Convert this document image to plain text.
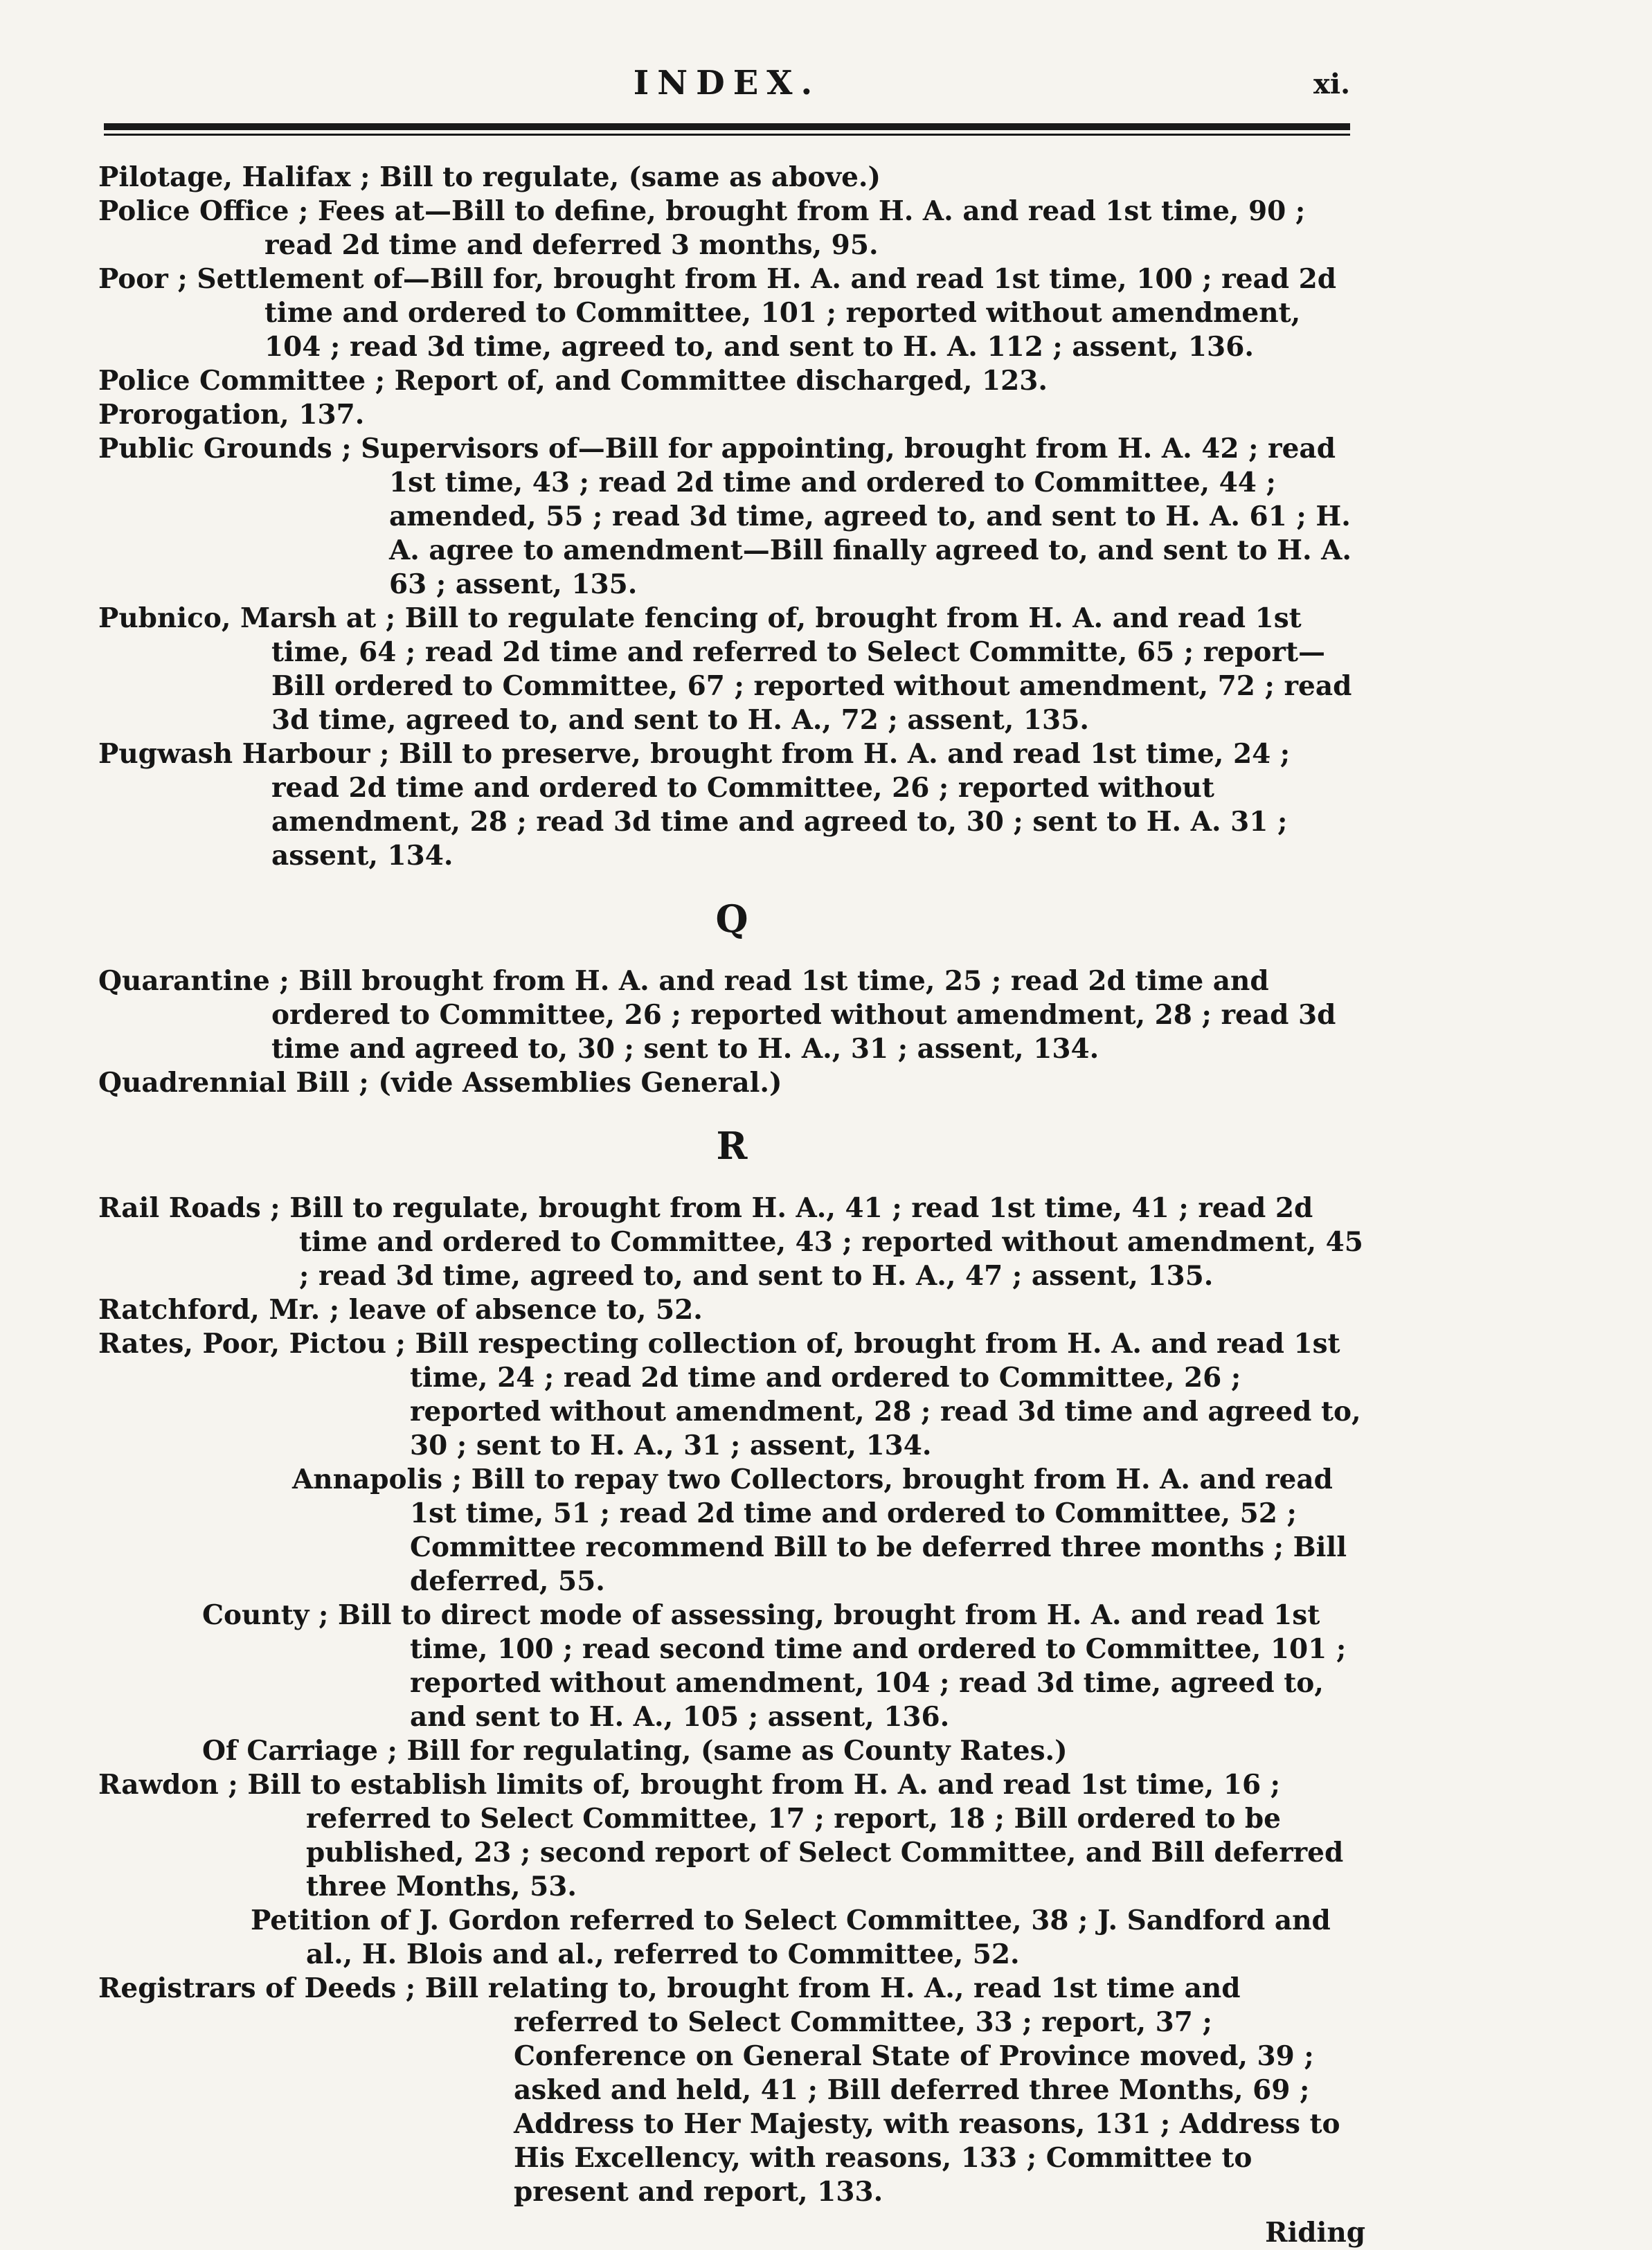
INDEX.	xi.

Pilotage, Halifax ; Bill to regulate, (same as above.)

Police Office ; Fees at—Bill to define, brought from H. A. and read 1st time, 90 ; read 2d time and deferred 3 months, 95.

Poor ; Settlement of—Bill for, brought from H. A. and read 1st time, 100 ; read 2d time and ordered to Committee, 101 ; reported without amendment, 104 ; read 3d time, agreed to, and sent to H. A. 112 ; assent, 136.

Police Committee ; Report of, and Committee discharged, 123.

Prorogation, 137.

Public Grounds ; Supervisors of—Bill for appointing, brought from H. A. 42 ; read 1st time, 43 ; read 2d time and ordered to Committee, 44 ; amended, 55 ; read 3d time, agreed to, and sent to H. A. 61 ; H. A. agree to amendment—Bill finally agreed to, and sent to H. A. 63 ; assent, 135.

Pubnico, Marsh at ; Bill to regulate fencing of, brought from H. A. and read 1st time, 64 ; read 2d time and referred to Select Committe, 65 ; report—Bill ordered to Committee, 67 ; reported without amendment, 72 ; read 3d time, agreed to, and sent to H. A., 72 ; assent, 135.

Pugwash Harbour ; Bill to preserve, brought from H. A. and read 1st time, 24 ; read 2d time and ordered to Committee, 26 ; reported without amendment, 28 ; read 3d time and agreed to, 30 ; sent to H. A. 31 ; assent, 134.

Q

Quarantine ; Bill brought from H. A. and read 1st time, 25 ; read 2d time and ordered to Committee, 26 ; reported without amendment, 28 ; read 3d time and agreed to, 30 ; sent to H. A., 31 ; assent, 134.

Quadrennial Bill ; (vide Assemblies General.)

R

Rail Roads ; Bill to regulate, brought from H. A., 41 ; read 1st time, 41 ; read 2d time and ordered to Committee, 43 ; reported without amendment, 45 ; read 3d time, agreed to, and sent to H. A., 47 ; assent, 135.

Ratchford, Mr. ; leave of absence to, 52.

Rates, Poor, Pictou ; Bill respecting collection of, brought from H. A. and read 1st time, 24 ; read 2d time and ordered to Committee, 26 ; reported without amendment, 28 ; read 3d time and agreed to, 30 ; sent to H. A., 31 ; assent, 134.

Annapolis ; Bill to repay two Collectors, brought from H. A. and read 1st time, 51 ; read 2d time and ordered to Committee, 52 ; Committee recommend Bill to be deferred three months ; Bill deferred, 55.

County ; Bill to direct mode of assessing, brought from H. A. and read 1st time, 100 ; read second time and ordered to Committee, 101 ; reported without amendment, 104 ; read 3d time, agreed to, and sent to H. A., 105 ; assent, 136.

Of Carriage ; Bill for regulating, (same as County Rates.)

Rawdon ; Bill to establish limits of, brought from H. A. and read 1st time, 16 ; referred to Select Committee, 17 ; report, 18 ; Bill ordered to be published, 23 ; second report of Select Committee, and Bill deferred three Months, 53.

Petition of J. Gordon referred to Select Committee, 38 ; J. Sandford and al., H. Blois and al., referred to Committee, 52.

Registrars of Deeds ; Bill relating to, brought from H. A., read 1st time and referred to Select Committee, 33 ; report, 37 ; Conference on General State of Province moved, 39 ; asked and held, 41 ; Bill deferred three Months, 69 ; Address to Her Majesty, with reasons, 131 ; Address to His Excellency, with reasons, 133 ; Committee to present and report, 133.

Riding
